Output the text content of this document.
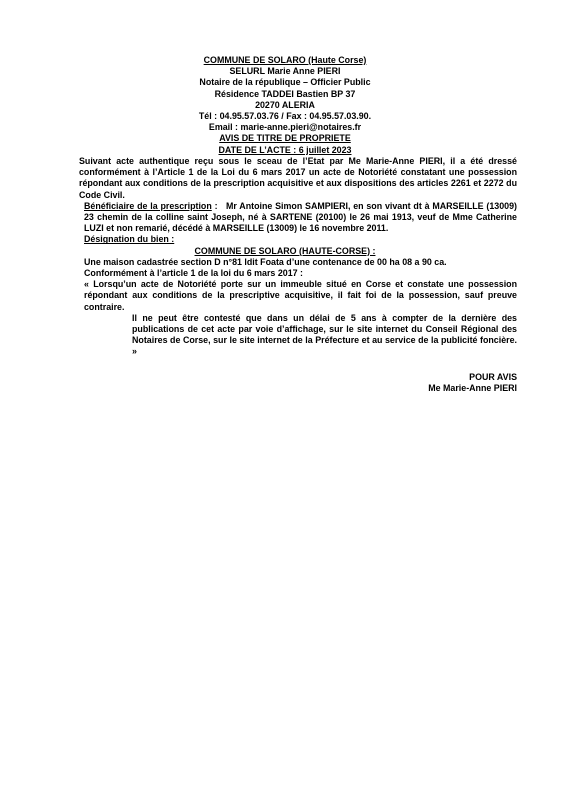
COMMUNE DE SOLARO (Haute Corse)
SELURL Marie Anne PIERI
Notaire de la république – Officier Public
Résidence TADDEI Bastien BP 37
20270 ALERIA
Tél : 04.95.57.03.76 / Fax : 04.95.57.03.90.
Email : marie-anne.pieri@notaires.fr
AVIS DE TITRE DE PROPRIETE
DATE DE L’ACTE : 6 juillet 2023
Suivant acte authentique reçu sous le sceau de l’Etat par Me Marie-Anne PIERI, il a été dressé conformément à l’Article 1 de la Loi du 6 mars 2017 un acte de Notoriété constatant une possession répondant aux conditions de la prescription acquisitive et aux dispositions des articles 2261 et 2272 du Code Civil.
Bénéficiaire de la prescription : Mr Antoine Simon SAMPIERI, en son vivant dt à MARSEILLE (13009) 23 chemin de la colline saint Joseph, né à SARTENE (20100) le 26 mai 1913, veuf de Mme Catherine LUZI et non remarié, décédé à MARSEILLE (13009) le 16 novembre 2011.
Désignation du bien :
COMMUNE DE SOLARO (HAUTE-CORSE) :
Une maison cadastrée section D n°81 ldit Foata d’une contenance de 00 ha 08 a 90 ca.
Conformément à l’article 1 de la loi du 6 mars 2017 :
« Lorsqu’un acte de Notoriété porte sur un immeuble situé en Corse et constate une possession répondant aux conditions de la prescriptive acquisitive, il fait foi de la possession, sauf preuve contraire.
Il ne peut être contesté que dans un délai de 5 ans à compter de la dernière des publications de cet acte par voie d’affichage, sur le site internet du Conseil Régional des Notaires de Corse, sur le site internet de la Préfecture et au service de la publicité foncière. »
POUR AVIS
Me Marie-Anne PIERI
